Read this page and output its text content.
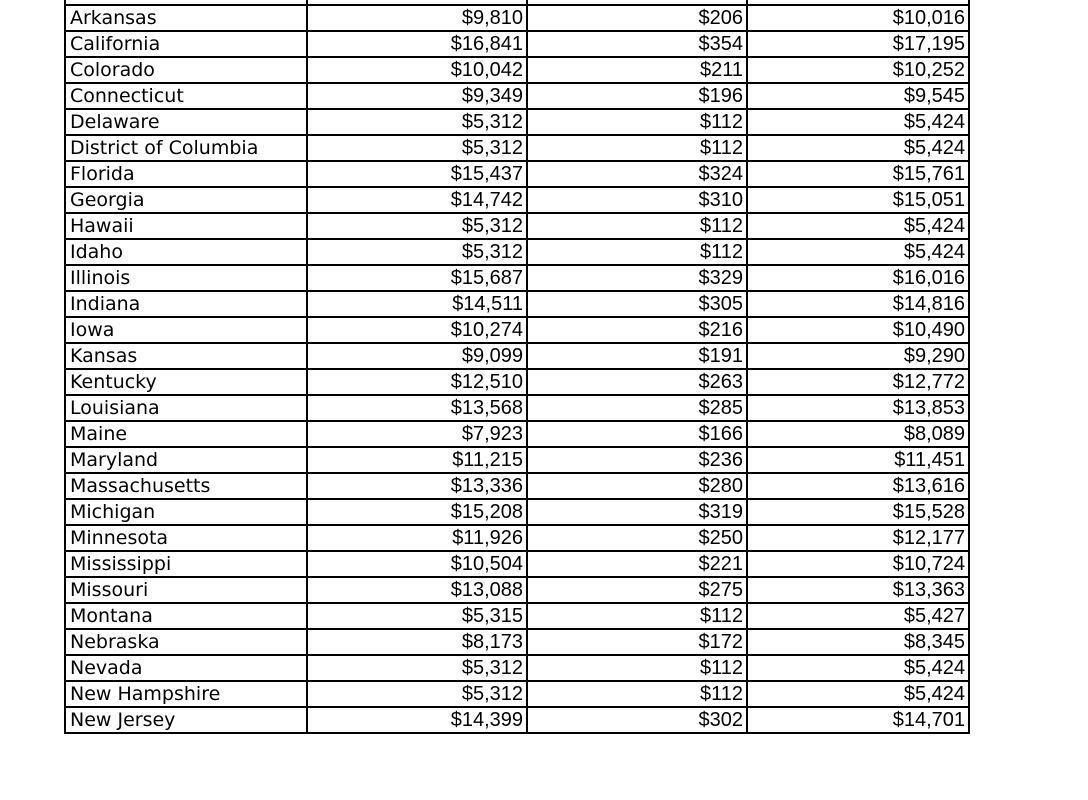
Arkansas	$9,810	$206	$10,016
California	$16,841	$354	$17,195
Colorado	$10,042	$211	$10,252
Connecticut	$9,349	$196	$9,545
Delaware	$5,312	$112	$5,424
District of Columbia	$5,312	$112	$5,424
Florida	$15,437	$324	$15,761
Georgia	$14,742	$310	$15,051
Hawaii	$5,312	$112	$5,424
Idaho	$5,312	$112	$5,424
Illinois	$15,687	$329	$16,016
Indiana	$14,511	$305	$14,816
Iowa	$10,274	$216	$10,490
Kansas	$9,099	$191	$9,290
Kentucky	$12,510	$263	$12,772
Louisiana	$13,568	$285	$13,853
Maine	$7,923	$166	$8,089
Maryland	$11,215	$236	$11,451
Massachusetts	$13,336	$280	$13,616
Michigan	$15,208	$319	$15,528
Minnesota	$11,926	$250	$12,177
Mississippi	$10,504	$221	$10,724
Missouri	$13,088	$275	$13,363
Montana	$5,315	$112	$5,427
Nebraska	$8,173	$172	$8,345
Nevada	$5,312	$112	$5,424
New Hampshire	$5,312	$112	$5,424
New Jersey	$14,399	$302	$14,701
